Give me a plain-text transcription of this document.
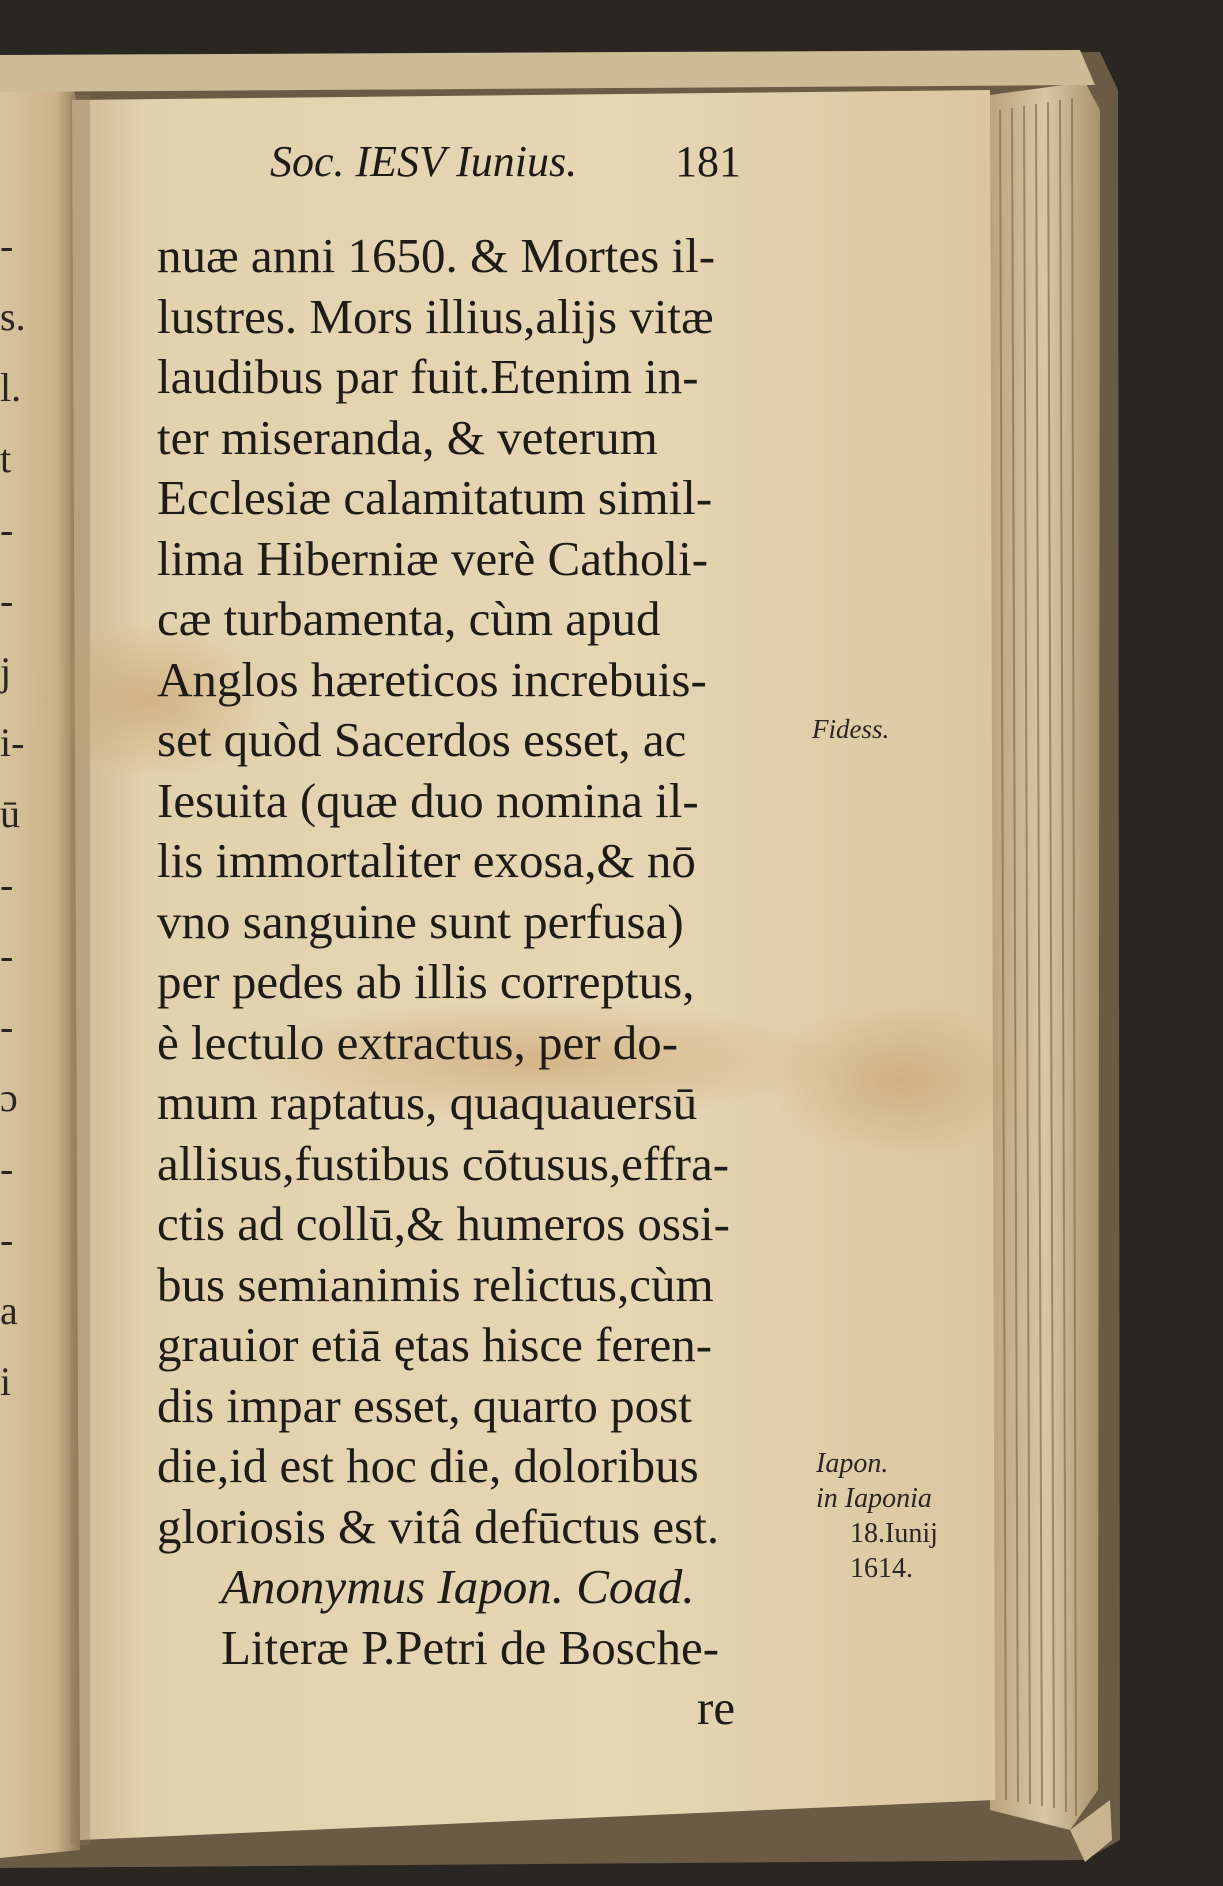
-
s.
l.
t
-
-
j
i-
ū
-
-
-
ɔ
-
-
a
i
Soc. IESV Iunius. 181
nuæ anni 1650. & Mortes il-
lustres. Mors illius,alijs vitæ
laudibus par fuit.Etenim in-
ter miseranda, & veterum
Ecclesiæ calamitatum simil-
lima Hiberniæ verè Catholi-
cæ turbamenta, cùm apud
Anglos hæreticos increbuis-
set quòd Sacerdos esset, ac
Iesuita (quæ duo nomina il-
lis immortaliter exosa,& nō
vno sanguine sunt perfusa)
per pedes ab illis correptus,
è lectulo extractus, per do-
mum raptatus, quaquauersū
allisus,fustibus cōtusus,effra-
ctis ad collū,& humeros ossi-
bus semianimis relictus,cùm
grauior etiā ętas hisce feren-
dis impar esset, quarto post
die,id est hoc die, doloribus
gloriosis & vitâ defūctus est.
Anonymus Iapon. Coad.
Literæ P.Petri de Bosche-
re
Fidess.
Iapon.
in Iaponia
18.Iunij
1614.
